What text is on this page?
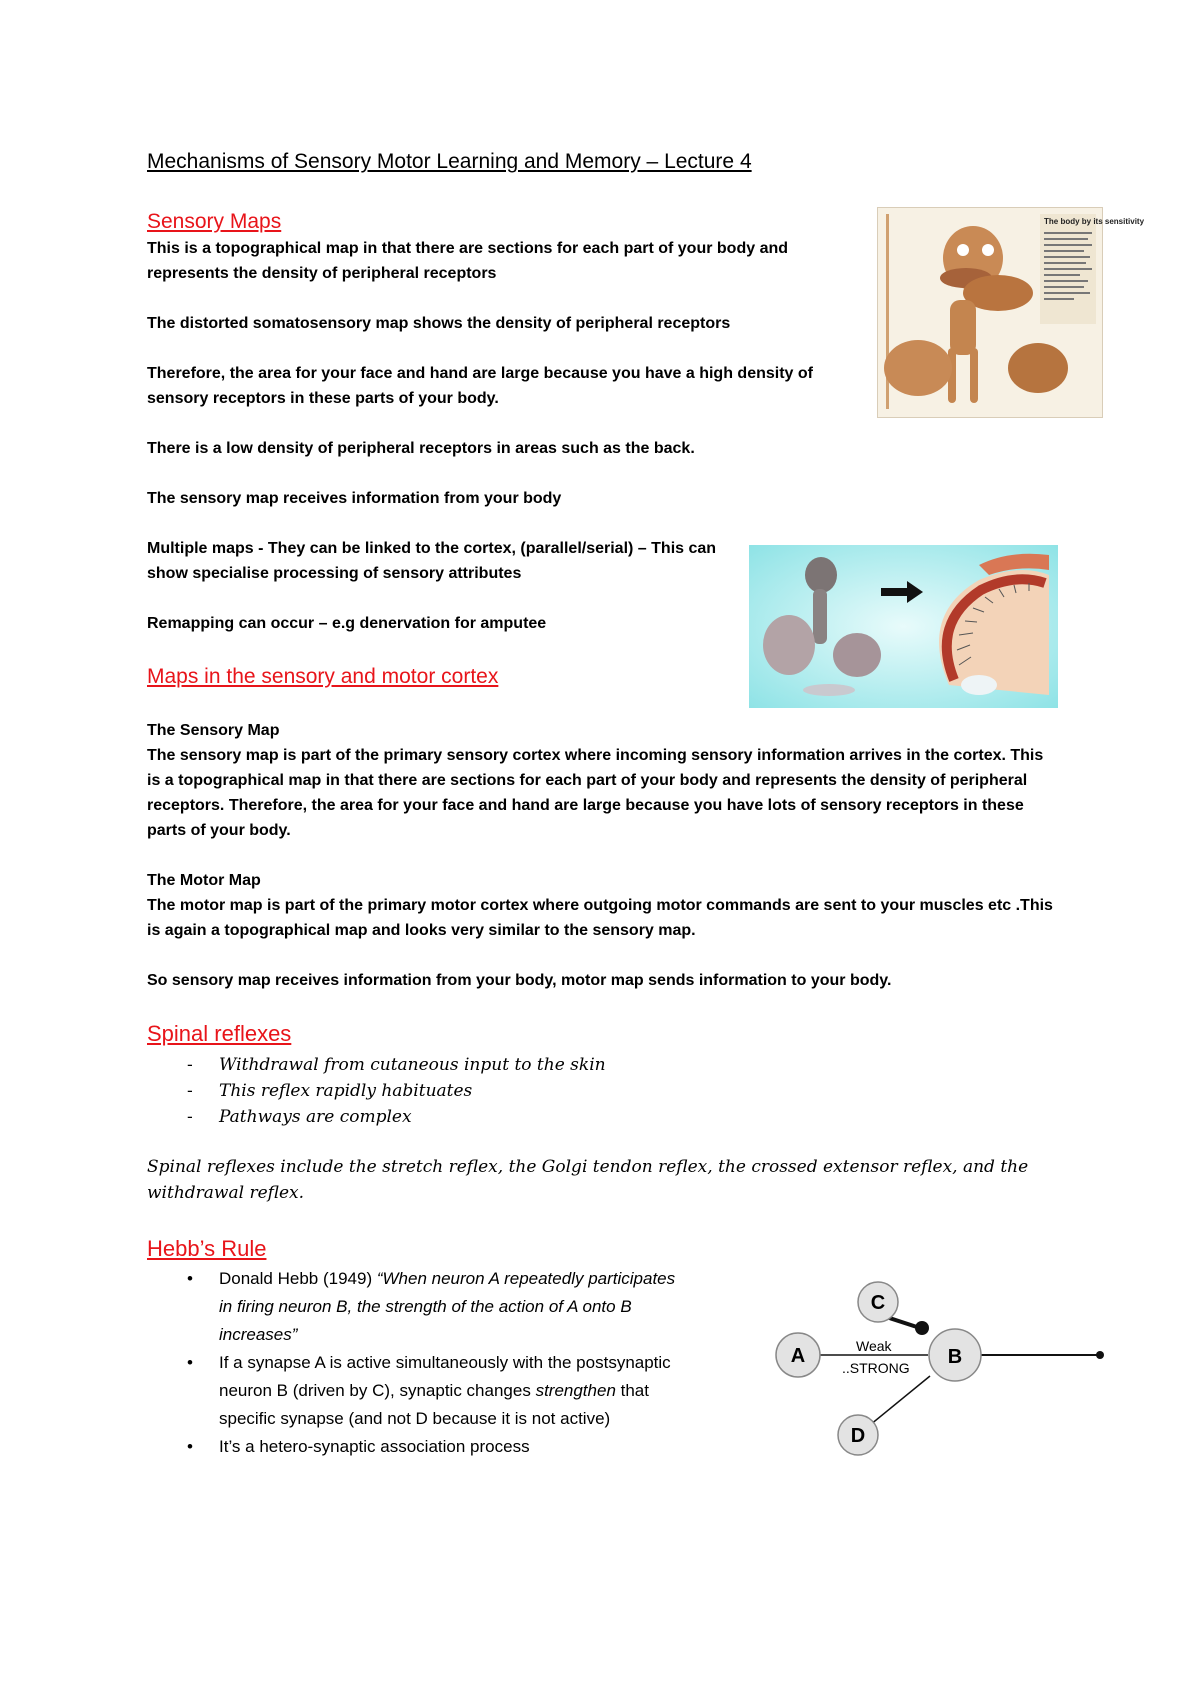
Mechanisms of Sensory Motor Learning and Memory – Lecture 4
Sensory Maps
This is a topographical map in that there are sections for each part of your body and represents the density of peripheral receptors
The distorted somatosensory map shows the density of peripheral receptors
Therefore, the area for your face and hand are large because you have a high density of sensory receptors in these parts of your body.
There is a low density of peripheral receptors in areas such as the back.
The sensory map receives information from your body
Multiple maps - They can be linked to the cortex, (parallel/serial) – This can show specialise processing of sensory attributes
Remapping can occur – e.g denervation for amputee
The body by its sensitivity
Maps in the sensory and motor cortex
The Sensory Map
The sensory map is part of the primary sensory cortex where incoming sensory information arrives in the cortex. This is a topographical map in that there are sections for each part of your body and represents the density of peripheral receptors. Therefore, the area for your face and hand are large because you have lots of sensory receptors in these parts of your body.
The Motor Map
The motor map is part of the primary motor cortex where outgoing motor commands are sent to your muscles etc .This is again a topographical map and looks very similar to the sensory map.
So sensory map receives information from your body, motor map sends information to your body.
Spinal reflexes
- Withdrawal from cutaneous input to the skin
- This reflex rapidly habituates
- Pathways are complex
Spinal reflexes include the stretch reflex, the Golgi tendon reflex, the crossed extensor reflex, and the withdrawal reflex.
Hebb’s Rule
• Donald Hebb (1949) “When neuron A repeatedly participates in firing neuron B, the strength of the action of A onto B increases”
• If a synapse A is active simultaneously with the postsynaptic neuron B (driven by C), synaptic changes strengthen that specific synapse (and not D because it is not active)
• It’s a hetero-synaptic association process
A	B
C
D
Weak
..STRONG
